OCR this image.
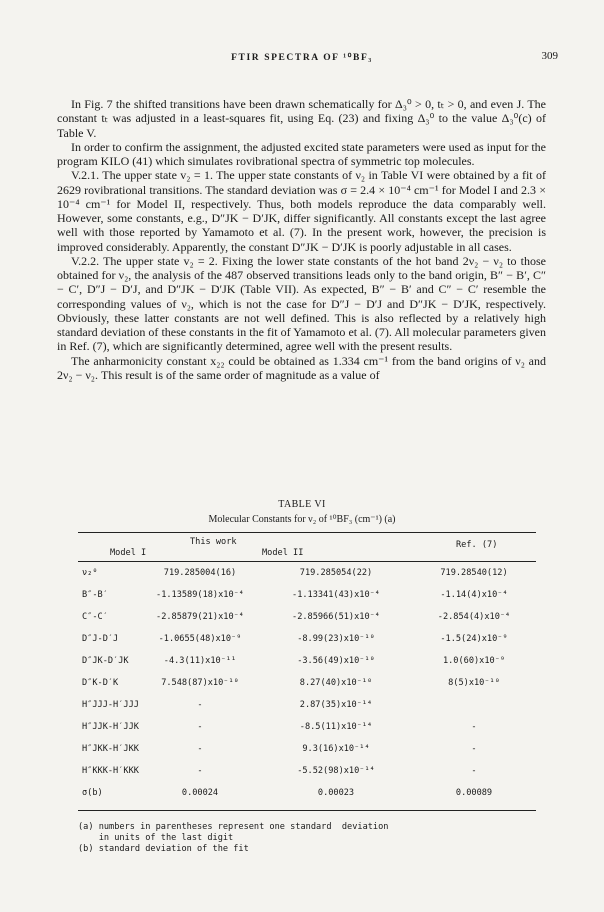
FTIR SPECTRA OF ¹⁰BF₃	309

In Fig. 7 the shifted transitions have been drawn schematically for Δ₃⁰ > 0, tₜ > 0, and even J. The constant tₜ was adjusted in a least-squares fit, using Eq. (23) and fixing Δ₃⁰ to the value Δ₃⁰(c) of Table V.

In order to confirm the assignment, the adjusted excited state parameters were used as input for the program KILO (41) which simulates rovibrational spectra of symmetric top molecules.

V.2.1. The upper state v₂ = 1. The upper state constants of ν₂ in Table VI were obtained by a fit of 2629 rovibrational transitions. The standard deviation was σ = 2.4 × 10⁻⁴ cm⁻¹ for Model I and 2.3 × 10⁻⁴ cm⁻¹ for Model II, respectively. Thus, both models reproduce the data comparably well. However, some constants, e.g., D″JK − D′JK, differ significantly. All constants except the last agree well with those reported by Yamamoto et al. (7). In the present work, however, the precision is improved considerably. Apparently, the constant D″JK − D′JK is poorly adjustable in all cases.

V.2.2. The upper state v₂ = 2. Fixing the lower state constants of the hot band 2ν₂ − ν₂ to those obtained for ν₂, the analysis of the 487 observed transitions leads only to the band origin, B″ − B′, C″ − C′, D″J − D′J, and D″JK − D′JK (Table VII). As expected, B″ − B′ and C″ − C′ resemble the corresponding values of ν₂, which is not the case for D″J − D′J and D″JK − D′JK, respectively. Obviously, these latter constants are not well defined. This is also reflected by a relatively high standard deviation of these constants in the fit of Yamamoto et al. (7). All molecular parameters given in Ref. (7), which are significantly determined, agree well with the present results.

The anharmonicity constant x₂₂ could be obtained as 1.334 cm⁻¹ from the band origins of ν₂ and 2ν₂ − ν₂. This result is of the same order of magnitude as a value of

TABLE VI
Molecular Constants for ν₂ of ¹⁰BF₃ (cm⁻¹) (a)
This work
Model I	Model II
Ref. (7)
ν₂⁰	719.285004(16)	719.285054(22)	719.28540(12)
B″-B′	-1.13589(18)x10⁻⁴	-1.13341(43)x10⁻⁴	-1.14(4)x10⁻⁴
C″-C′	-2.85879(21)x10⁻⁴	-2.85966(51)x10⁻⁴	-2.854(4)x10⁻⁴
D″J-D′J	-1.0655(48)x10⁻⁹	-8.99(23)x10⁻¹⁰	-1.5(24)x10⁻⁹
D″JK-D′JK	-4.3(11)x10⁻¹¹	-3.56(49)x10⁻¹⁰	1.0(60)x10⁻⁹
D″K-D′K	7.548(87)x10⁻¹⁰	8.27(40)x10⁻¹⁰	8(5)x10⁻¹⁰
H″JJJ-H′JJJ	-	2.87(35)x10⁻¹⁴
H″JJK-H′JJK	-	-8.5(11)x10⁻¹⁴	-
H″JKK-H′JKK	-	9.3(16)x10⁻¹⁴	-
H″KKK-H′KKK	-	-5.52(98)x10⁻¹⁴	-
σ(b)	0.00024	0.00023	0.00089
(a) numbers in parentheses represent one standard  deviation
in units of the last digit
(b) standard deviation of the fit
